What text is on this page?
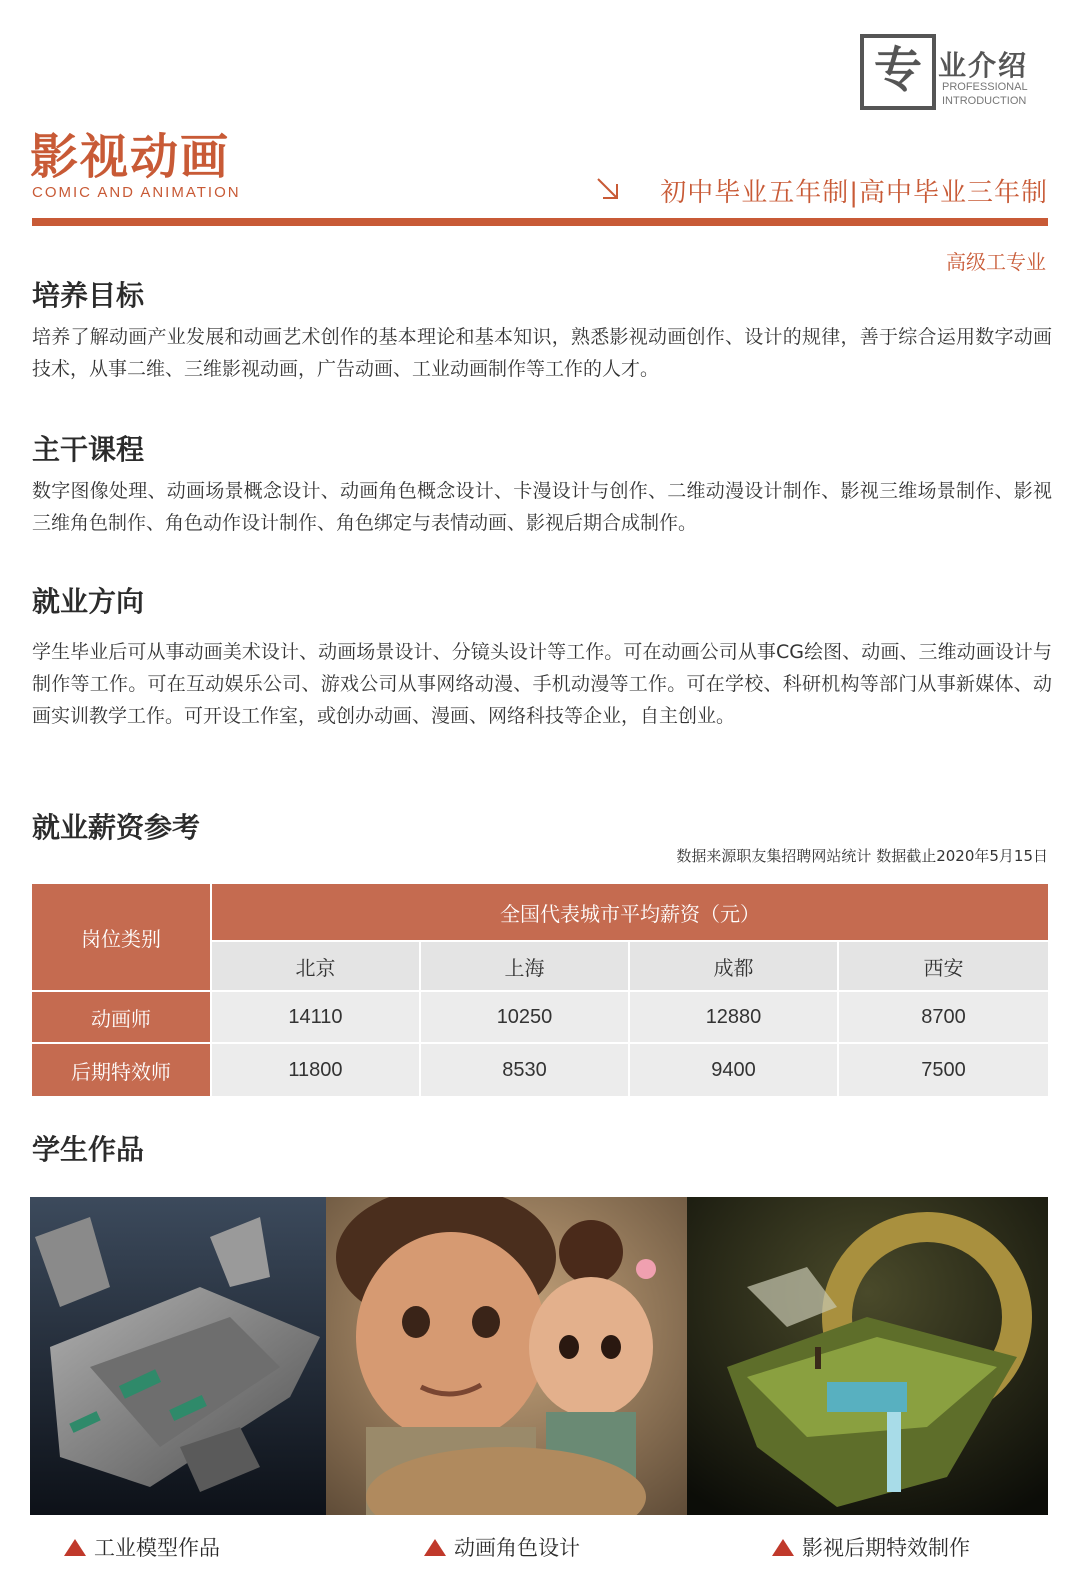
专 业介绍
PROFESSIONAL
INTRODUCTION
影视动画
COMIC AND ANIMATION	初中毕业五年制|高中毕业三年制
高级工专业
培养目标
培养了解动画产业发展和动画艺术创作的基本理论和基本知识，熟悉影视动画创作、设计的规律，善于综合运用数字动画技术，从事二维、三维影视动画，广告动画、工业动画制作等工作的人才。
主干课程
数字图像处理、动画场景概念设计、动画角色概念设计、卡漫设计与创作、二维动漫设计制作、影视三维场景制作、影视三维角色制作、角色动作设计制作、角色绑定与表情动画、影视后期合成制作。
就业方向
学生毕业后可从事动画美术设计、动画场景设计、分镜头设计等工作。可在动画公司从事CG绘图、动画、三维动画设计与制作等工作。可在互动娱乐公司、游戏公司从事网络动漫、手机动漫等工作。可在学校、科研机构等部门从事新媒体、动画实训教学工作。可开设工作室，或创办动画、漫画、网络科技等企业，自主创业。
就业薪资参考
数据来源职友集招聘网站统计 数据截止2020年5月15日
岗位类别
全国代表城市平均薪资（元）
北京	上海	成都	西安
动画师	14110	10250	12880	8700
后期特效师	11800	8530	9400	7500
学生作品
工业模型作品	动画角色设计	影视后期特效制作
